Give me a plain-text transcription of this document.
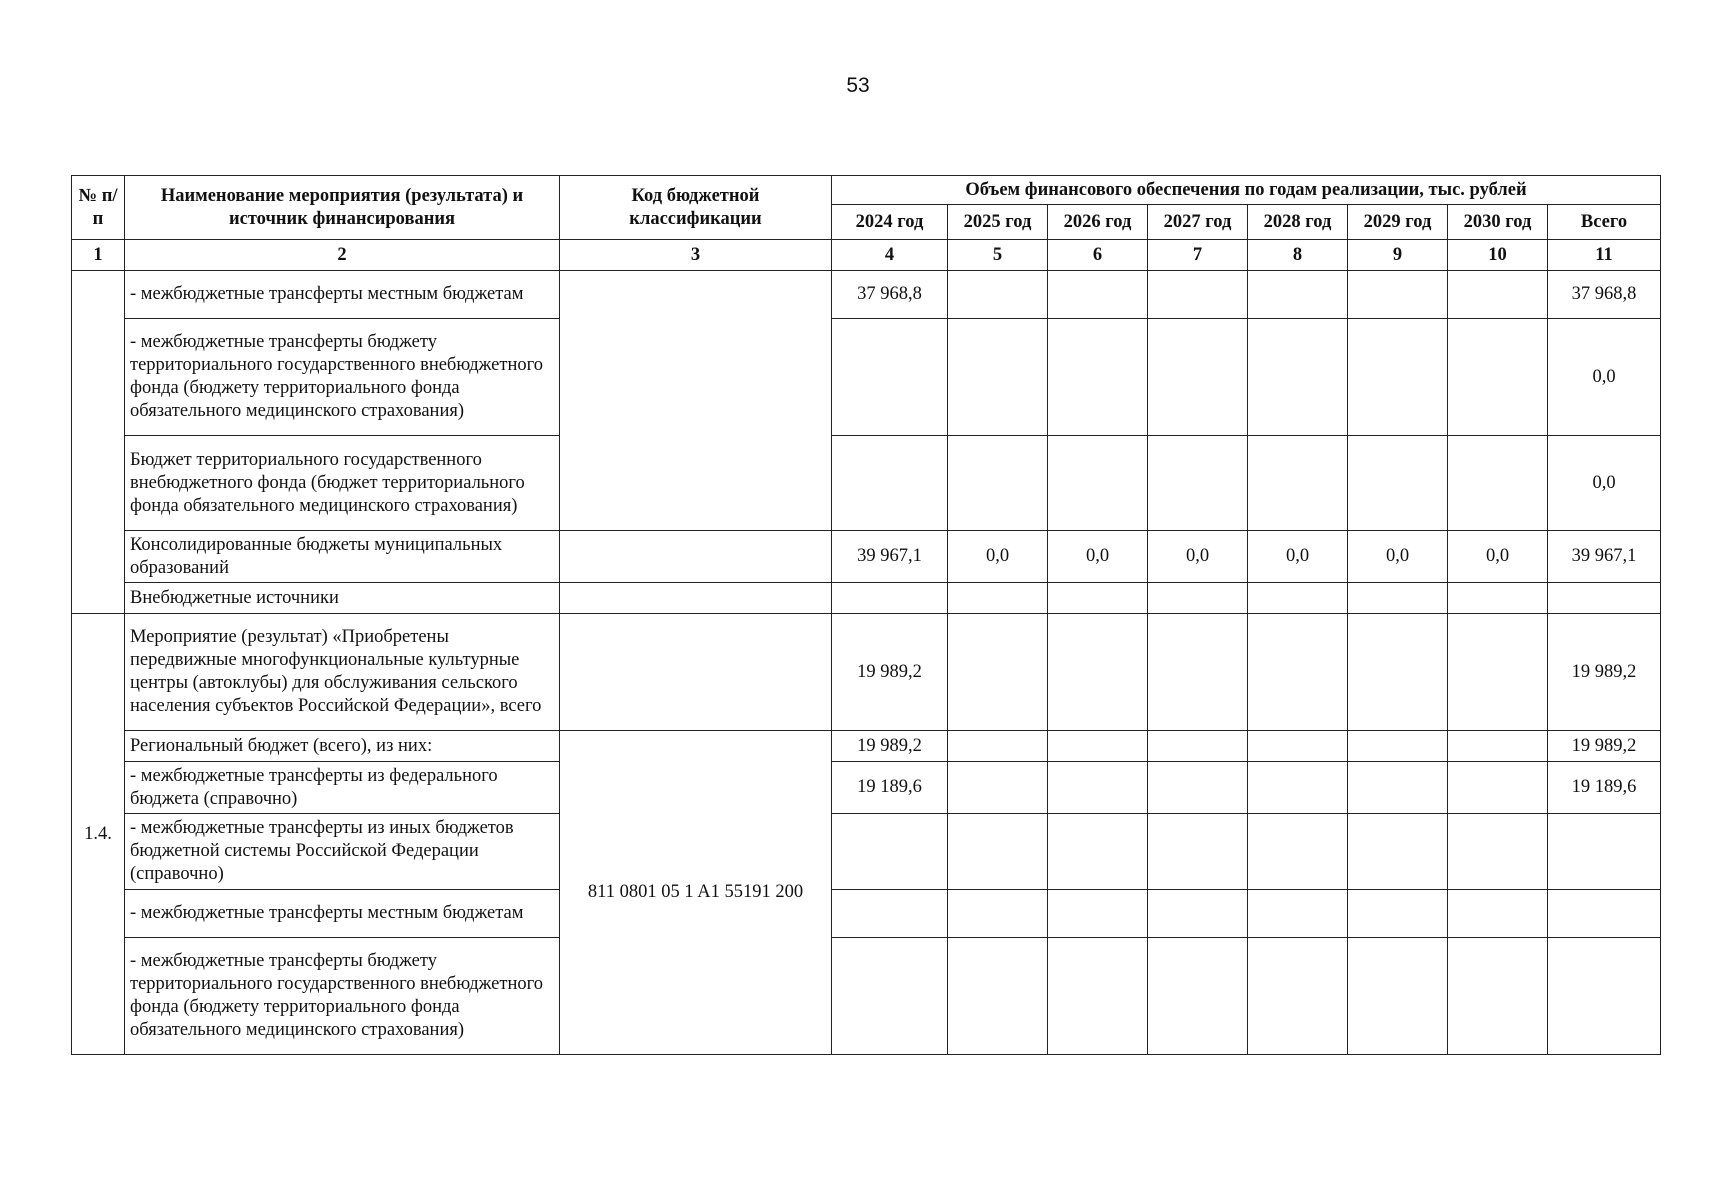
53
№ п/п	Наименование мероприятия (результата) и источник финансирования	Код бюджетной классификации	Объем финансового обеспечения по годам реализации, тыс. рублей							
			2024 год	2025 год	2026 год	2027 год	2028 год	2029 год	2030 год	Всего
1	2	3	4	5	6	7	8	9	10	11
	- межбюджетные трансферты местным бюджетам		37 968,8							37 968,8
	- межбюджетные трансферты бюджету территориального государственного внебюджетного фонда (бюджету территориального фонда обязательного медицинского страхования)									0,0
	Бюджет территориального государственного внебюджетного фонда (бюджет территориального фонда обязательного медицинского страхования)									0,0
	Консолидированные бюджеты муниципальных образований		39 967,1	0,0	0,0	0,0	0,0	0,0	0,0	39 967,1
	Внебюджетные источники									
1.4.	Мероприятие (результат) «Приобретены передвижные многофункциональные культурные центры (автоклубы) для обслуживания сельского населения субъектов Российской Федерации», всего		19 989,2							19 989,2
	Региональный бюджет (всего), из них:	811 0801 05 1 A1 55191 200	19 989,2							19 989,2
	- межбюджетные трансферты из федерального бюджета (справочно)		19 189,6							19 189,6
	- межбюджетные трансферты из иных бюджетов бюджетной системы Российской Федерации (справочно)									
	- межбюджетные трансферты местным бюджетам									
	- межбюджетные трансферты бюджету территориального государственного внебюджетного фонда (бюджету территориального фонда обязательного медицинского страхования)									
